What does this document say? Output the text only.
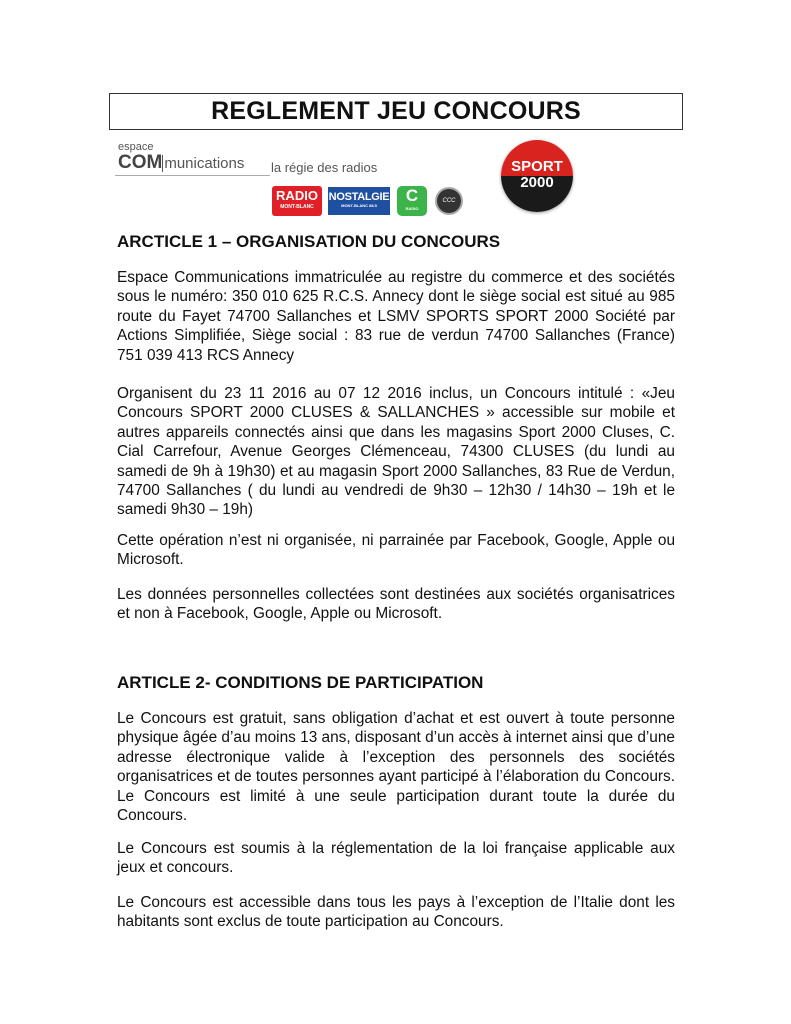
REGLEMENT JEU CONCOURS
espace
COM munications la régie des radios
RADIO
MONT-BLANC
NOSTALGIE
MONT-BLANC 88.5
C
RADIO
CCC
SPORT
2000
ARCTICLE 1 – ORGANISATION DU CONCOURS

Espace Communications immatriculée au registre du commerce et des sociétés sous le numéro: 350 010 625 R.C.S. Annecy dont le siège social est situé au 985 route du Fayet 74700 Sallanches et LSMV SPORTS SPORT 2000 Société par Actions Simplifiée, Siège social : 83 rue de verdun 74700 Sallanches (France) 751 039 413 RCS Annecy

Organisent du 23 11 2016 au 07 12 2016 inclus, un Concours intitulé : «Jeu Concours SPORT 2000 CLUSES & SALLANCHES » accessible sur mobile et autres appareils connectés ainsi que dans les magasins Sport 2000 Cluses, C. Cial Carrefour, Avenue Georges Clémenceau, 74300 CLUSES (du lundi au samedi de 9h à 19h30) et au magasin Sport 2000 Sallanches, 83 Rue de Verdun, 74700 Sallanches ( du lundi au vendredi de 9h30 – 12h30 / 14h30 – 19h et le samedi 9h30 – 19h)

Cette opération n’est ni organisée, ni parrainée par Facebook, Google, Apple ou Microsoft.

Les données personnelles collectées sont destinées aux sociétés organisatrices et non à Facebook, Google, Apple ou Microsoft.

ARTICLE 2- CONDITIONS DE PARTICIPATION

Le Concours est gratuit, sans obligation d’achat et est ouvert à toute personne physique âgée d’au moins 13 ans, disposant d’un accès à internet ainsi que d’une adresse électronique valide à l’exception des personnels des sociétés organisatrices et de toutes personnes ayant participé à l’élaboration du Concours. Le Concours est limité à une seule participation durant toute la durée du Concours.

Le Concours est soumis à la réglementation de la loi française applicable aux jeux et concours.

Le Concours est accessible dans tous les pays à l’exception de l’Italie dont les habitants sont exclus de toute participation au Concours.
